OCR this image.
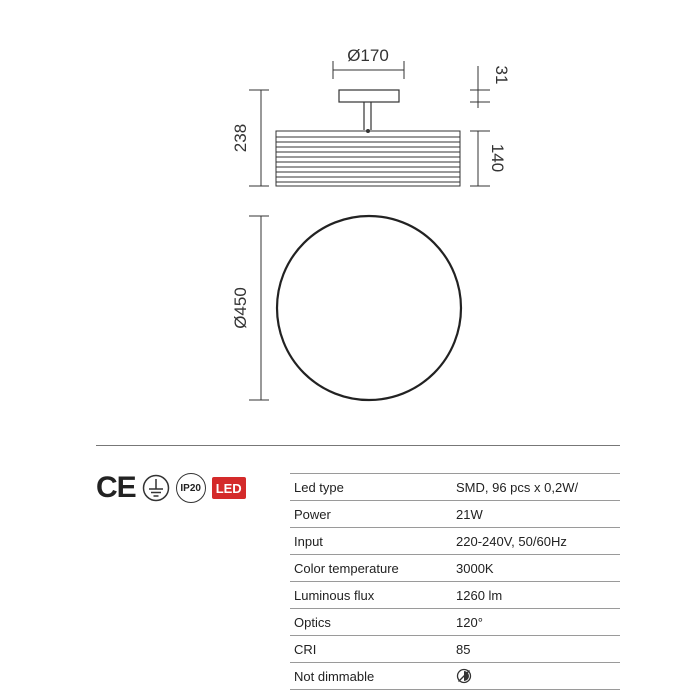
Ø170
238
31
140
Ø450
CE	IP20	LED	Led type	SMD, 96 pcs x 0,2W/
Power	21W
Input	220-240V, 50/60Hz
Color temperature	3000K
Luminous flux	1260 lm
Optics	120°
CRI	85
Not dimmable	
